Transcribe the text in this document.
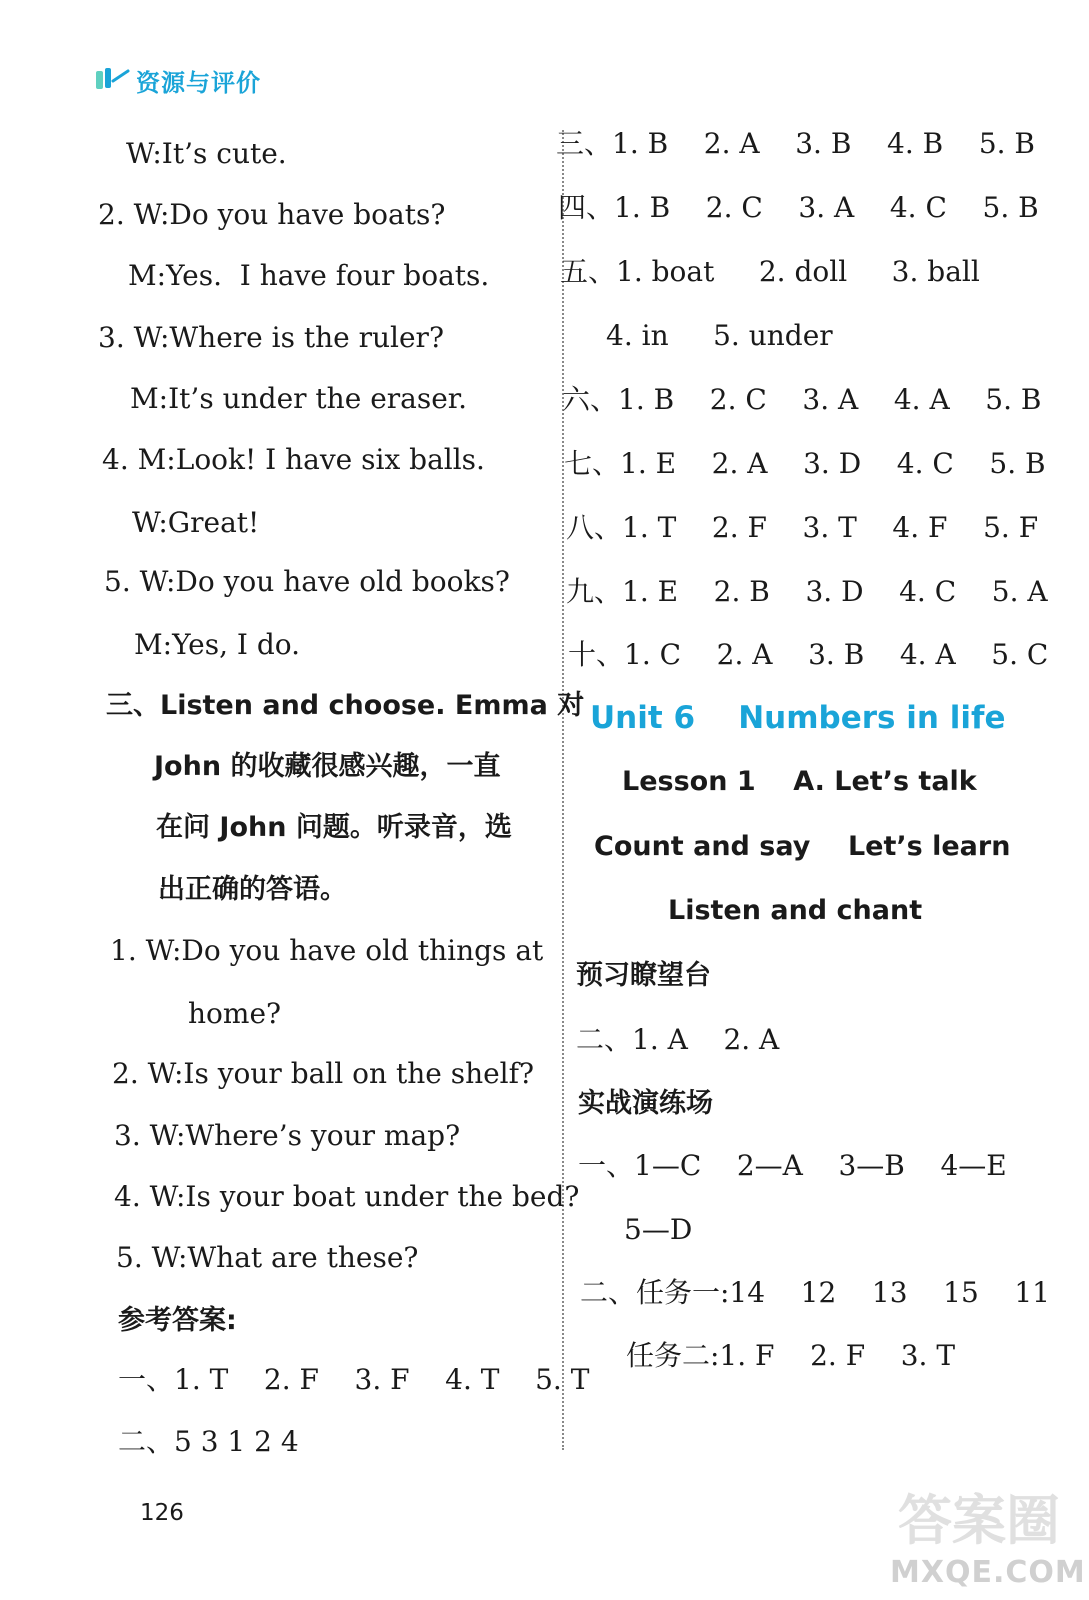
资源与评价
W:It’s cute.
2. W:Do you have boats?
M:Yes.  I have four boats.
3. W:Where is the ruler?
M:It’s under the eraser.
4. M:Look! I have six balls.
W:Great!
5. W:Do you have old books?
M:Yes, I do.
三、Listen and choose. Emma 对
John 的收藏很感兴趣，一直
在问 John 问题。听录音，选
出正确的答语。
1. W:Do you have old things at
home?
2. W:Is your ball on the shelf?
3. W:Where’s your map?
4. W:Is your boat under the bed?
5. W:What are these?
参考答案:
一、1. T    2. F    3. F    4. T    5. T
二、5 3 1 2 4
三、1. B    2. A    3. B    4. B    5. B
四、1. B    2. C    3. A    4. C    5. B
五、1. boat     2. doll     3. ball
4. in     5. under
六、1. B    2. C    3. A    4. A    5. B
七、1. E    2. A    3. D    4. C    5. B
八、1. T    2. F    3. T    4. F    5. F
九、1. E    2. B    3. D    4. C    5. A
十、1. C    2. A    3. B    4. A    5. C
Unit 6    Numbers in life
Lesson 1    A. Let’s talk
Count and say    Let’s learn
Listen and chant
预习瞭望台
二、1. A    2. A
实战演练场
一、1—C    2—A    3—B    4—E
5—D
二、任务一:14    12    13    15    11
任务二:1. F    2. F    3. T
126	答案圈
MXQE.COM
